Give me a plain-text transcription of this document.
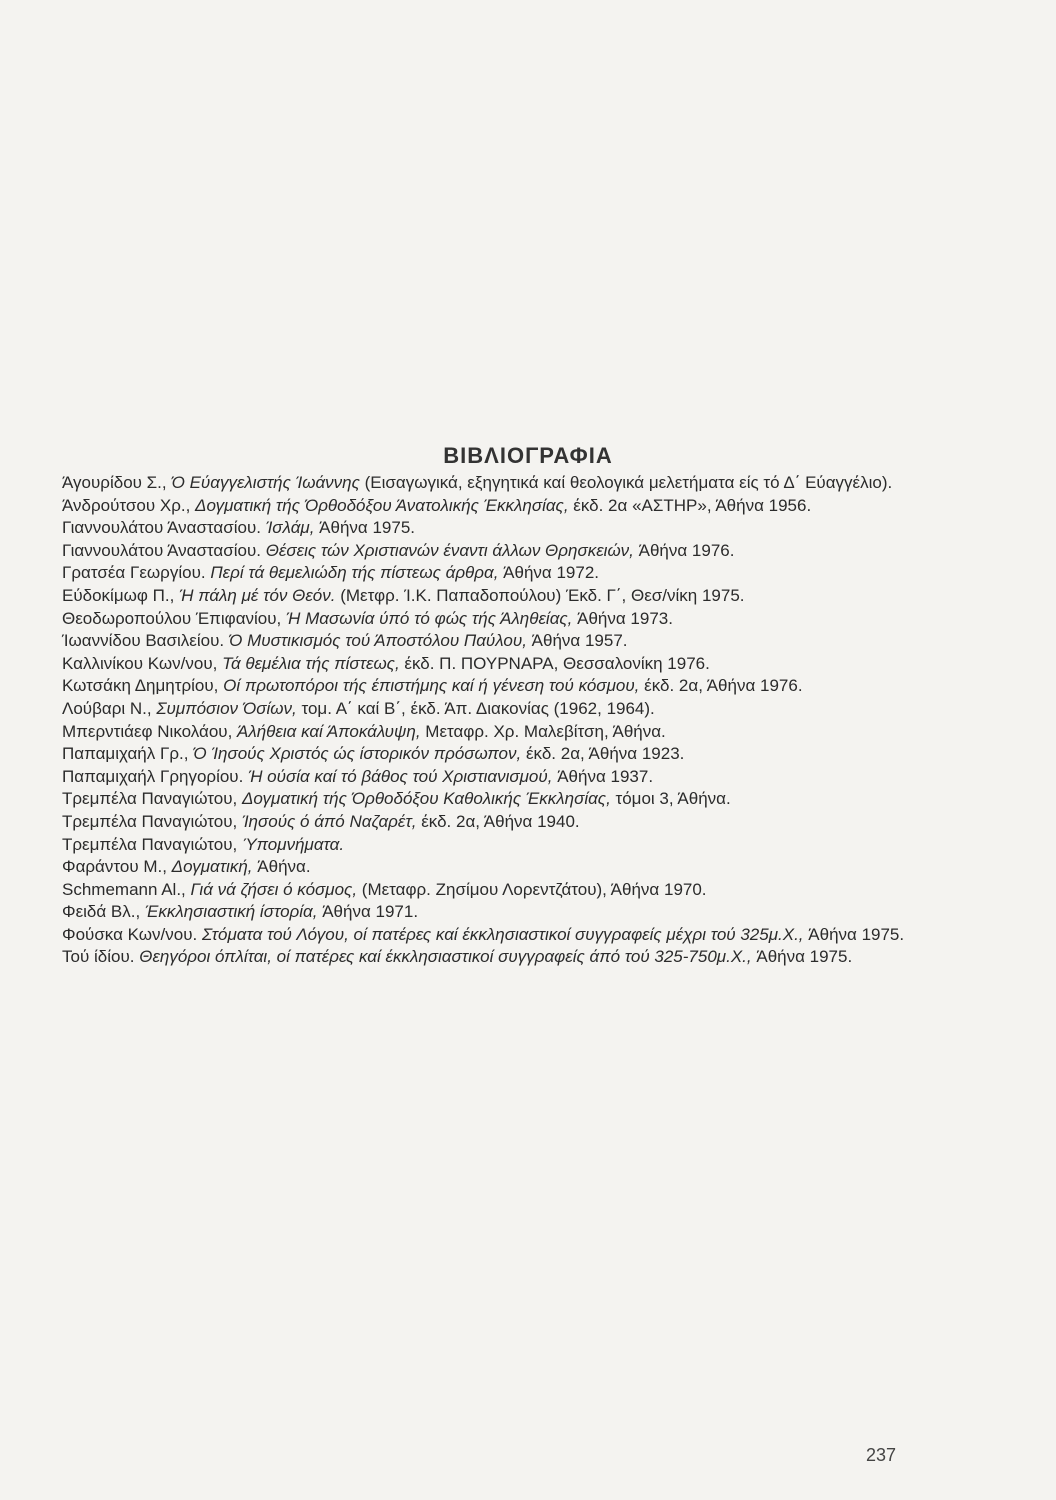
ΒΙΒΛΙΟΓΡΑΦΙΑ

Άγουρίδου Σ., Ό Εύαγγελιστής Ίωάννης (Εισαγωγικά, εξηγητικά καί θεολογικά μελετήματα είς τό Δ΄ Εύαγγέλιο).

Άνδρούτσου Χρ., Δογματική τής Όρθοδόξου Άνατολικής Έκκλησίας, έκδ. 2α «ΑΣΤΗΡ», Άθήνα 1956.

Γιαννουλάτου Άναστασίου. Ίσλάμ, Άθήνα 1975.

Γιαννουλάτου Άναστασίου. Θέσεις τών Χριστιανών έναντι άλλων Θρησκειών, Άθήνα 1976.

Γρατσέα Γεωργίου. Περί τά θεμελιώδη τής πίστεως άρθρα, Άθήνα 1972.

Εύδοκίμωφ Π., Ή πάλη μέ τόν Θεόν. (Μετφρ. Ί.Κ. Παπαδοπούλου) Έκδ. Γ΄, Θεσ/νίκη 1975.

Θεοδωροπούλου Έπιφανίου, Ή Μασωνία ύπό τό φώς τής Άληθείας, Άθήνα 1973.

Ίωαννίδου Βασιλείου. Ό Μυστικισμός τού Άποστόλου Παύλου, Άθήνα 1957.

Καλλινίκου Κων/νου, Τά θεμέλια τής πίστεως, έκδ. Π. ΠΟΥΡΝΑΡΑ, Θεσσαλονίκη 1976.

Κωτσάκη Δημητρίου, Οί πρωτοπόροι τής έπιστήμης καί ή γένεση τού κόσμου, έκδ. 2α, Άθήνα 1976.

Λούβαρι Ν., Συμπόσιον Όσίων, τομ. Α΄ καί Β΄, έκδ. Άπ. Διακονίας (1962, 1964).

Μπερντιάεφ Νικολάου, Άλήθεια καί Άποκάλυψη, Μεταφρ. Χρ. Μαλεβίτση, Άθήνα.

Παπαμιχαήλ Γρ., Ό Ίησούς Χριστός ώς ίστορικόν πρόσωπον, έκδ. 2α, Άθήνα 1923.

Παπαμιχαήλ Γρηγορίου. Ή ούσία καί τό βάθος τού Χριστιανισμού, Άθήνα 1937.

Τρεμπέλα Παναγιώτου, Δογματική τής Όρθοδόξου Καθολικής Έκκλησίας, τόμοι 3, Άθήνα.

Τρεμπέλα Παναγιώτου, Ίησούς ό άπό Ναζαρέτ, έκδ. 2α, Άθήνα 1940.

Τρεμπέλα Παναγιώτου, Ύπομνήματα.

Φαράντου Μ., Δογματική, Άθήνα.

Schmemann Al., Γιά νά ζήσει ό κόσμος, (Μεταφρ. Ζησίμου Λορεντζάτου), Άθήνα 1970.

Φειδά Βλ., Έκκλησιαστική ίστορία, Άθήνα 1971.

Φούσκα Κων/νου. Στόματα τού Λόγου, οί πατέρες καί έκκλησιαστικοί συγγραφείς μέχρι τού 325μ.Χ., Άθήνα 1975.

Τού ίδίου. Θεηγόροι όπλίται, οί πατέρες καί έκκλησιαστικοί συγγραφείς άπό τού 325-750μ.Χ., Άθήνα 1975.

237
